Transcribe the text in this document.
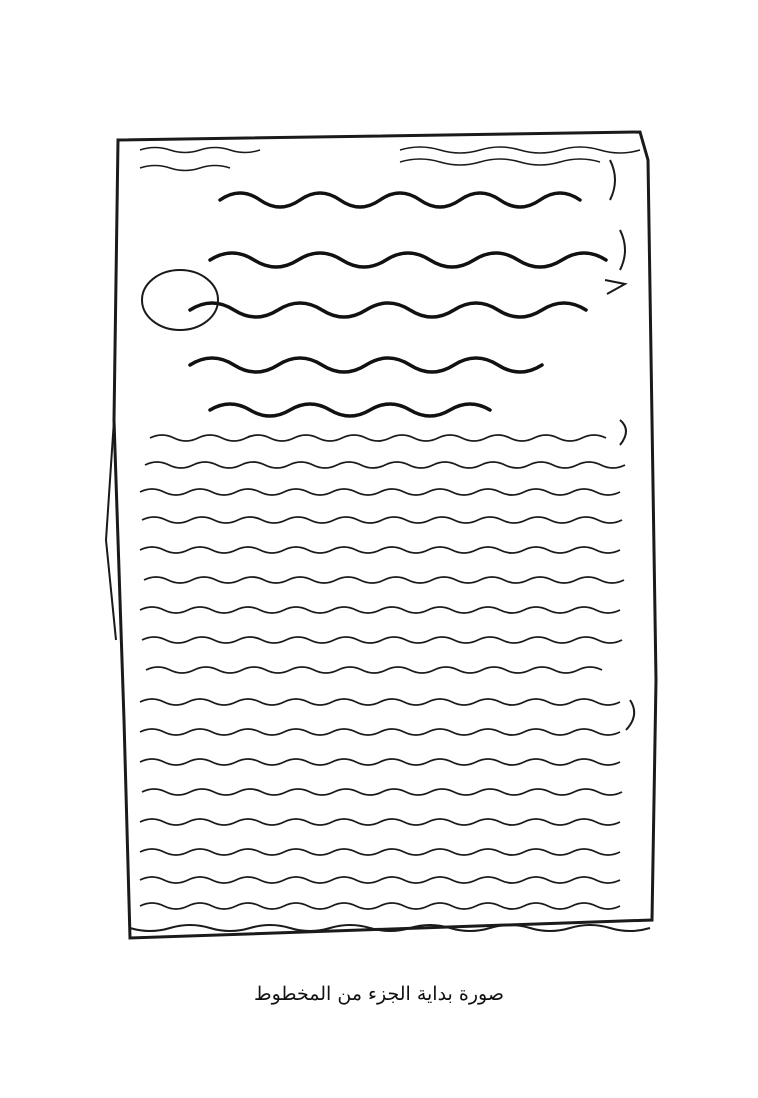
صورة بداية الجزء من المخطوط
